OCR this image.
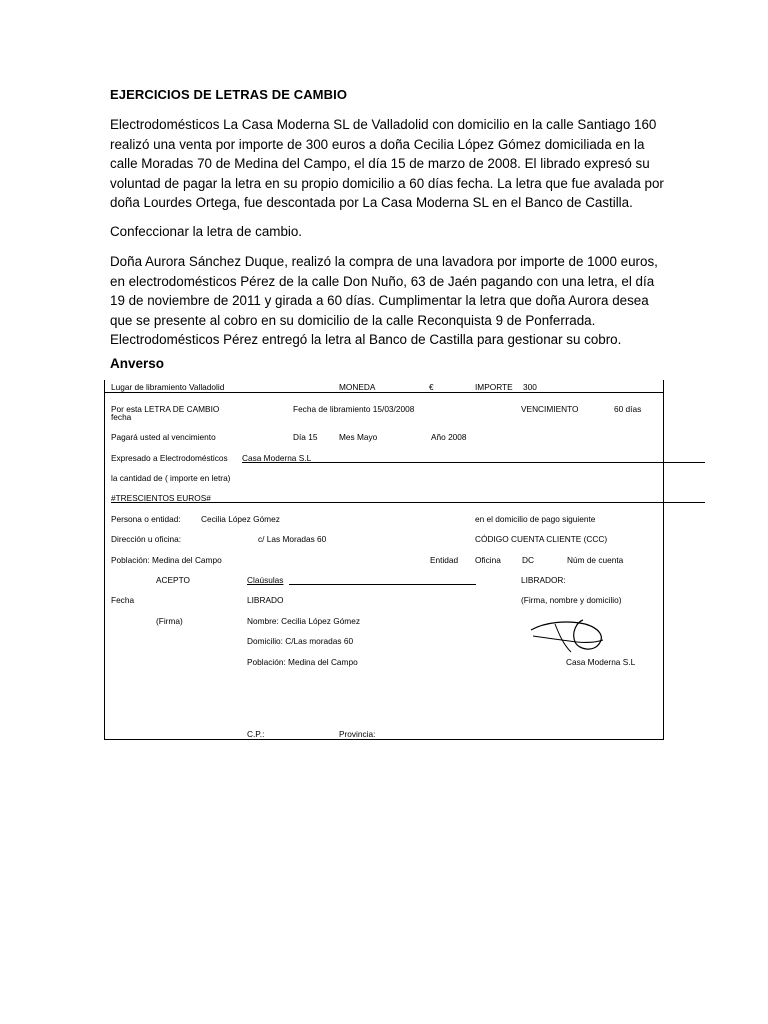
EJERCICIOS DE LETRAS DE CAMBIO
Electrodomésticos La Casa Moderna SL de Valladolid con domicilio en la calle Santiago 160 realizó una venta por importe de 300 euros a doña Cecilia López Gómez domiciliada en la calle Moradas 70 de Medina del Campo, el día 15 de marzo de 2008. El librado expresó su voluntad de pagar la letra en su propio domicilio a 60 días fecha. La letra que fue avalada por doña Lourdes Ortega, fue descontada por La Casa Moderna SL en el Banco de Castilla.
Confeccionar la letra de cambio.
Doña Aurora Sánchez Duque, realizó la compra de una lavadora por importe de 1000 euros, en electrodomésticos Pérez de la calle Don Nuño, 63 de Jaén pagando con una letra, el día 19 de noviembre de 2011 y girada a 60 días. Cumplimentar la letra que doña Aurora desea que se presente al cobro en su domicilio de la calle Reconquista 9 de Ponferrada. Electrodomésticos Pérez entregó la letra al Banco de Castilla para gestionar su cobro.
Anverso
Lugar de libramiento Valladolid	MONEDA	€	IMPORTE 300
Por esta LETRA DE CAMBIO
fecha
Fecha de libramiento 15/03/2008	VENCIMIENTO	60 días
Pagará usted al vencimiento	Día 15	Mes Mayo	Año 2008
Expresado a Electrodomésticos Casa Moderna S.L
la cantidad de ( importe en letra)
#TRESCIENTOS EUROS#
Persona o entidad: Cecilia López Gómez	en el domicilio de pago siguiente
Dirección u oficina:	c/ Las Moradas 60	CÓDIGO CUENTA CLIENTE (CCC)
Población: Medina del Campo	Entidad Oficina	DC	Núm de cuenta
ACEPTO	Claúsulas	LIBRADOR:
Fecha	LIBRADO	(Firma, nombre y domicilio)
(Firma)	Nombre: Cecilia López Gómez
Domicilio: C/Las moradas 60
Población: Medina del Campo	Casa Moderna S.L
C.P.:	Provincia:
